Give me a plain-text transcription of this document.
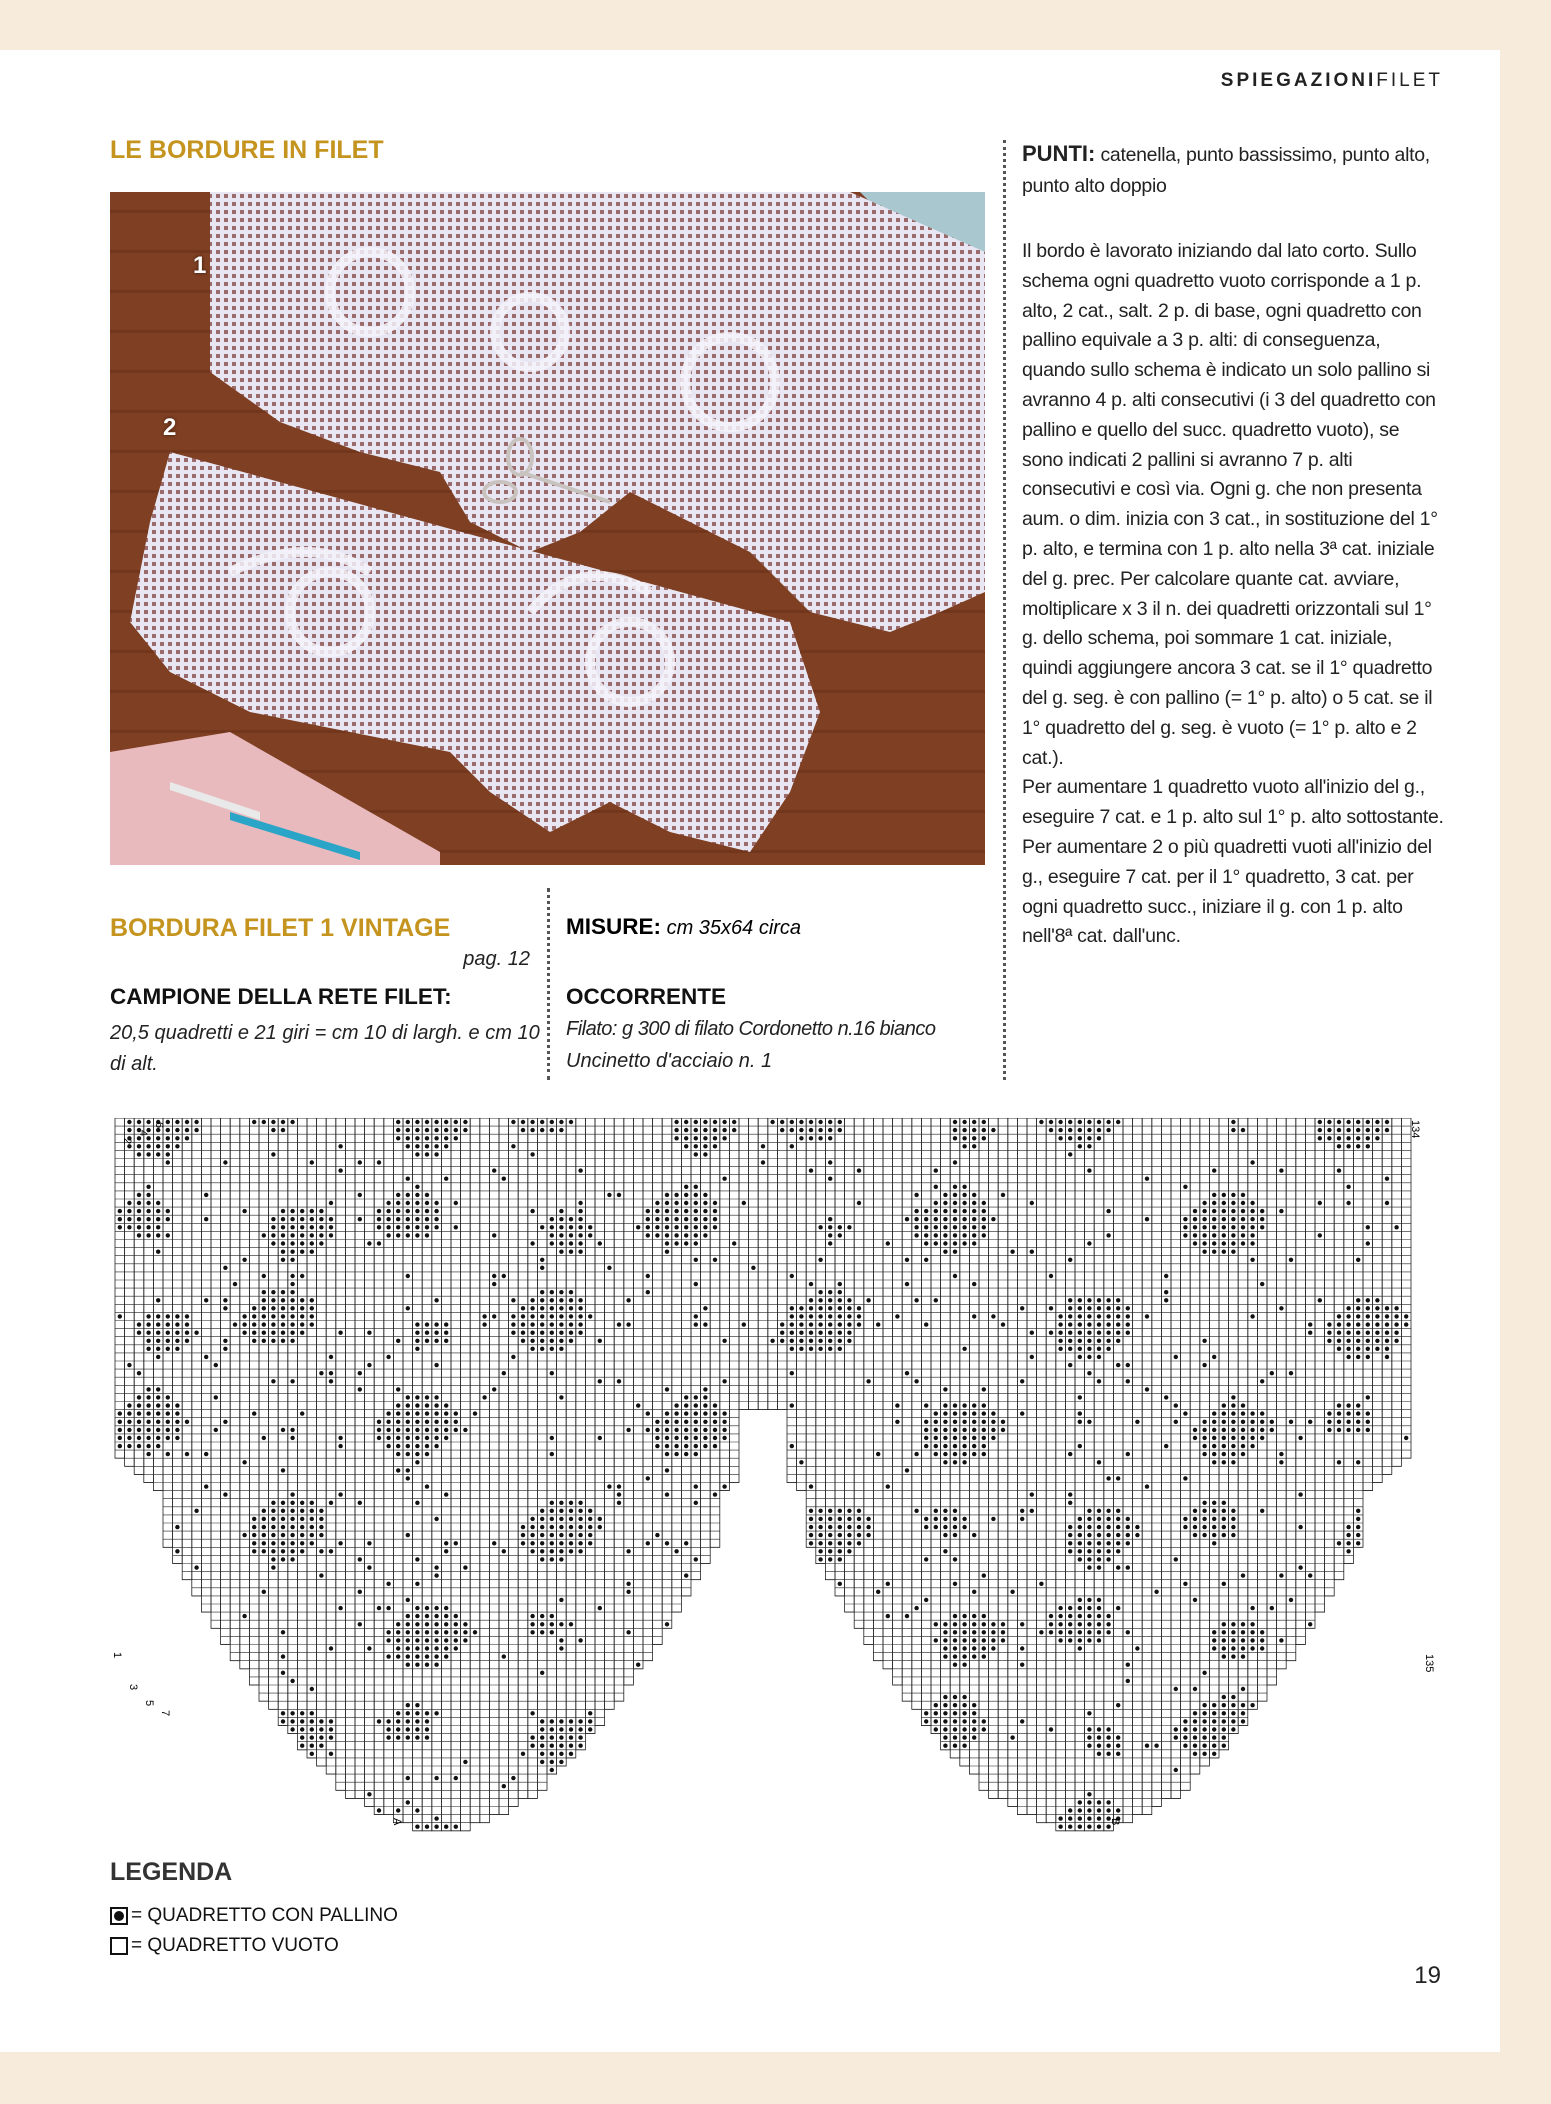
SPIEGAZIONIFILET
LE BORDURE IN FILET
1
2
PUNTI: catenella, punto bassissimo, punto alto, punto alto doppio

Il bordo è lavorato iniziando dal lato corto. Sullo schema ogni quadretto vuoto corrisponde a 1 p. alto, 2 cat., salt. 2 p. di base, ogni quadretto con pallino equivale a 3 p. alti: di conseguenza, quando sullo schema è indicato un solo pallino si avranno 4 p. alti consecutivi (i 3 del quadretto con pallino e quello del succ. quadretto vuoto), se sono indicati 2 pallini si avranno 7 p. alti consecutivi e così via. Ogni g. che non presenta aum. o dim. inizia con 3 cat., in sostituzione del 1° p. alto, e termina con 1 p. alto nella 3ª cat. iniziale del g. prec. Per calcolare quante cat. avviare, moltiplicare x 3 il n. dei quadretti orizzontali sul 1° g. dello schema, poi sommare 1 cat. iniziale, quindi aggiungere ancora 3 cat. se il 1° quadretto del g. seg. è con pallino (= 1° p. alto) o 5 cat. se il 1° quadretto del g. seg. è vuoto (= 1° p. alto e 2 cat.).

Per aumentare 1 quadretto vuoto all'inizio del g., eseguire 7 cat. e 1 p. alto sul 1° p. alto sottostante. Per aumentare 2 o più quadretti vuoti all'inizio del g., eseguire 7 cat. per il 1° quadretto, 3 cat. per ogni quadretto succ., iniziare il g. con 1 p. alto nell'8ª cat. dall'unc.

BORDURA FILET 1 VINTAGE
pag. 12
CAMPIONE DELLA RETE FILET:
20,5 quadretti e 21 giri = cm 10 di largh. e cm 10 di alt.
MISURE: cm 35x64 circa
OCCORRENTE
Filato: g 300 di filato Cordonetto n.16 bianco
Uncinetto d'acciaio n. 1
2
4
6	134
1
3
5
7
135
A	B
LEGENDA
= QUADRETTO CON PALLINO
= QUADRETTO VUOTO
19
